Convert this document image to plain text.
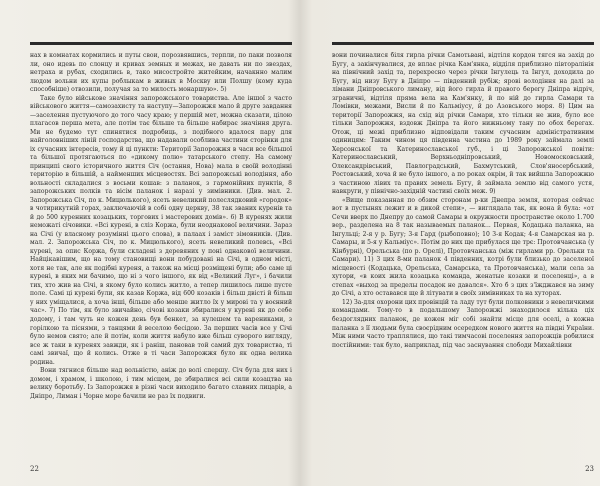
нах в комнатах кормились и путы свои, порозвявшись, терпли, по паки позволя ли, оно идевь по слонцу и кривах земных и межах, не давать ни по звездах, нетраха и рубах, сходились в, тако мисостройте житейким, начакнно малим людом вольни их купы роблыкам в живых в Москву или Полшу (кому куда способніше) отвозили, получая за то милость монаршую». 5)

Таке було військове значіння запорожського товариства. Але іншої з часто військового життя—самозахисту та наступу—Запорожжя мало й друге завдання—заселення пустуючого до того часу краю; у першій мет, можна сказати, цілою плагасов перша мета, але потім тає більше та більше набирає значіння друга. Ми не будемо тут спинятися подробиць, з подібного вдалося пару для найголовніших ліній господарства, що надавали особлива частини сторінки для іх сучасних інтересів, тому й ці пункти: Території Запорожжя в часи все більшої та більшої протягаються по «дикому полю» татарського степу. На самому принципі свого історичного життя Січ (остання, Нова) мала в своїй володінні територію в більшій, а найменших місцевостях. Всі запорожські володіння, або вольності складалися з восьми кошав: з паланок, з гармонійних пунктів, 8 запорожських полків та вісім паланок і наразі у зимівники. (Див. мал. 2. Запорожська Січ, по к. Мицюлького), ясеть невеликий полеслядковий «городок» в чотирикутній горах, заключаючій в собі одну церкву, 38 так званих куренів та й до 500 куренних козацьких, торгових і мастерових домів». 6) В куренях жили неможаті січовики. «Всі курені, в сліз Коржа, були неоднакової величини. Зараз на Січі (у власному розумінні цього слова), в палаах і заміст зімовників. (Див. мал. 2. Запорожська Січ, по к. Мицюлького), ясеть невеликий полевсь, «Всі курені, за опис Коржа, були складені з деревяних у поні однакової величини. Найцікавішим, що на тому становищі вони побудовані на Січі, в одном місті, хотя не так, але як подібні куреня, а також на місці розміщені були; або саме ці курені, в яких ми бачимо, що ні з чого іншого, як від «Великий Луг», і бачили тих, хто жив на Січі, в якому було колись житло, а тепер лишилось лише пусте поле. Самі ці курені були, як казав Коржа, від 600 козаків і більш двісті й більш у них уміщалися, а хоча інші, більше або менше житло їх у мирові та у воєнний час». 7) По тім, як було звичайно, січові козаки збиралися у курені як до себе додому, і там чуть не кожен день був бенкет, за кулешем та варениками, з горілкою та піснями, з танцями й веселою бесідою. За перших часів все у Січі було немов свято; але й потім, коли життя набуло вже більш суворого вигляду, все ж таки в куренях завжди, як і раніш, пановав той самий дух товариства, ті самі звичаї, що й колись. Отже в ті часи Запорожжя було як одна велика родина.

Вони тягнися більше над вольністю, аніж до волі спершу. Січ була для них і домом, і храмом, і школою, і тим місцем, де збиралися всі сили козацтва на велику боротьбу. Із Запорожжя в різні часи виходило багато славних лицарів, а Дніпро, Лиман і Чорне море бачили не раз їх подвиги.

22

вони починалися біля гирла річки Самотьвані, відтіля кордон тягся на захід до Бугу, а закінчувалися, де вплає річка Кам'янка, відділя приблизно півторалінія на північний захід та, перехресно через річки Інгулець та Інгул, доходила до Бугу, від низу Бугу в Дніпро — південний рубіж; ярові володіння на далі за лімани Дніпровського лиману, від його гирла й правого берегу Дніпра відріч, зграничні, відтіля пряма вела на Кам'янку, й по ній до гирла Самари та Ломівки, межами, Висли й по Кальміусу, й до Азовського моря. 8) Цим на території Запорожжя, на схід від річки Самари, хто тільки не жив, було все тільки Запорожжя, вздовж Дніпра та його нижньому тану по обох берегах. Отож, ці межі приблизно відповідали таким сучасним адміністративним одиницям: Таким чином ця південна частина до 1989 року займала землі Херсонської та Катеринославської губ., і ці Запорожської повіти: Катеринославський, Верхньодніпровський, Новомосковський, Олександрівський, Павлоградський, Бахмутський, Слов'яносербський, Ростовський, хоча й не було іншого, а по роках окрім, й так вийшла Запорожжю з частиною лівих та правих земель Бугу, й займала землю від самого устя, навкруги, у північно-західній частині своїх меж. 9)

«Вище показанная по обзим сторонам р-ки Днепра земля, которая сейчас вот в пустынях лежит и в дикой степи», — виглядала так, як вона й була: «от Сечи вверх по Днепру до самой Самары в окружности пространстве около 1.700 вер., разделена на 8 так называемых паланок... Первая, Кодацька паланка, на Інгульці; 2-я у р. Бугу; 3-я Гард (рыбоповно); 10 3-я Кодак; 4-я Самарская на р. Самары, и 5-я у Кальміус». Потім до них ще прибулася ще трє: Протовчанська (у Кінбурні), Орельська (по р. Орелі), Протовчанська (між гирлами рр. Орельки та Самари). 11) 3 цих 8-ми паланок 4 південних, котрі були близько до заселеної місцевості (Кодацька, Орельська, Самарська, та Протовчанська), мали села за хутори, «в коих жила козацька команда, женатые козаки и поселенці», а в степах «выход за пределы посадок не давался». Хто б з цих з'їжджався на зиму до Січі, а хто оставався ще й літувати в своїх зимівниках та на хуторах.

12) За-для охорони цих провінцій та ладу тут були полковники з невеличкими командами. Тому-то в подальшому Запорожжі знаходилося кілька ціх бездоглядних паланок, де кожен міг собі знайти місце для оселі, а кожна паланка з її людьми була своєрідним осередком нового життя на півдні України. Між ними часто траплялися, що такі тимчасові поселення запорожців робилися постійними: так було, наприклад, під час заснування слободи Михайлівки

23
